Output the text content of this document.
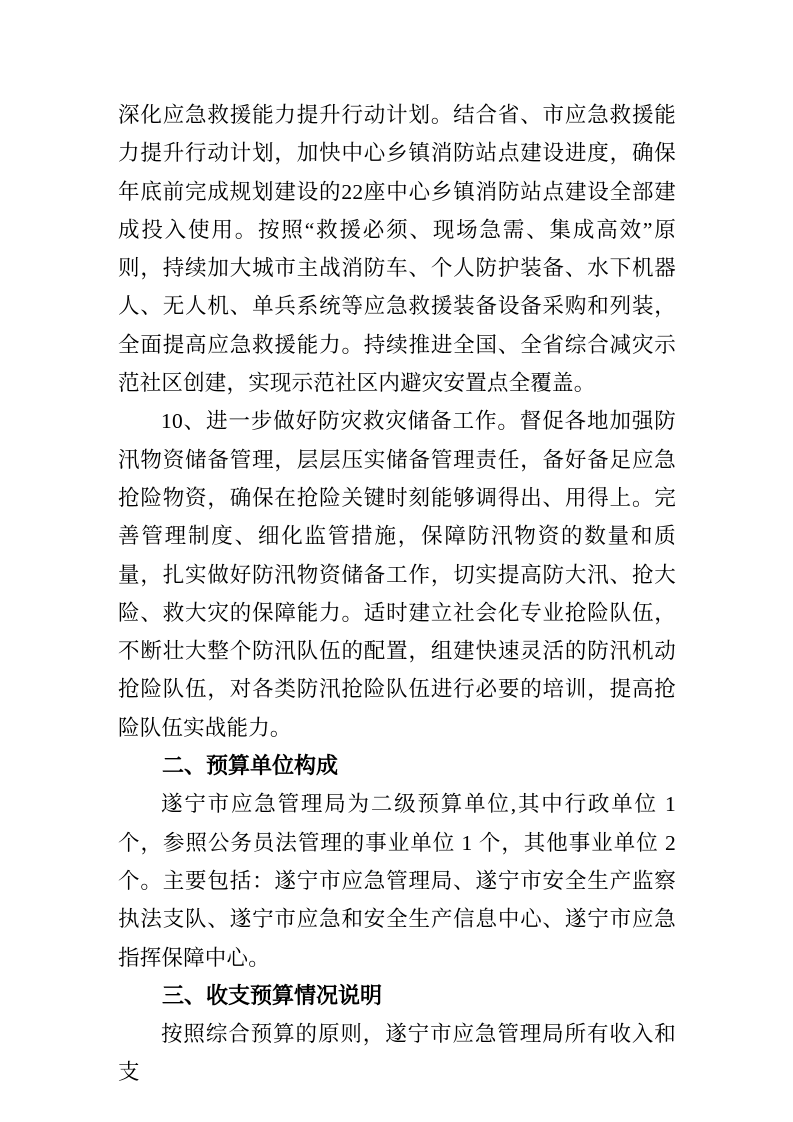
深化应急救援能力提升行动计划。结合省、市应急救援能力提升行动计划，加快中心乡镇消防站点建设进度，确保年底前完成规划建设的22座中心乡镇消防站点建设全部建成投入使用。按照“救援必须、现场急需、集成高效”原则，持续加大城市主战消防车、个人防护装备、水下机器人、无人机、单兵系统等应急救援装备设备采购和列装，全面提高应急救援能力。持续推进全国、全省综合减灾示范社区创建，实现示范社区内避灾安置点全覆盖。

10、进一步做好防灾救灾储备工作。督促各地加强防汛物资储备管理，层层压实储备管理责任，备好备足应急抢险物资，确保在抢险关键时刻能够调得出、用得上。完善管理制度、细化监管措施，保障防汛物资的数量和质量，扎实做好防汛物资储备工作，切实提高防大汛、抢大险、救大灾的保障能力。适时建立社会化专业抢险队伍，不断壮大整个防汛队伍的配置，组建快速灵活的防汛机动抢险队伍，对各类防汛抢险队伍进行必要的培训，提高抢险队伍实战能力。

二、预算单位构成

遂宁市应急管理局为二级预算单位,其中行政单位 1 个，参照公务员法管理的事业单位 1 个，其他事业单位 2 个。主要包括：遂宁市应急管理局、遂宁市安全生产监察执法支队、遂宁市应急和安全生产信息中心、遂宁市应急指挥保障中心。

三、收支预算情况说明

按照综合预算的原则，遂宁市应急管理局所有收入和支
